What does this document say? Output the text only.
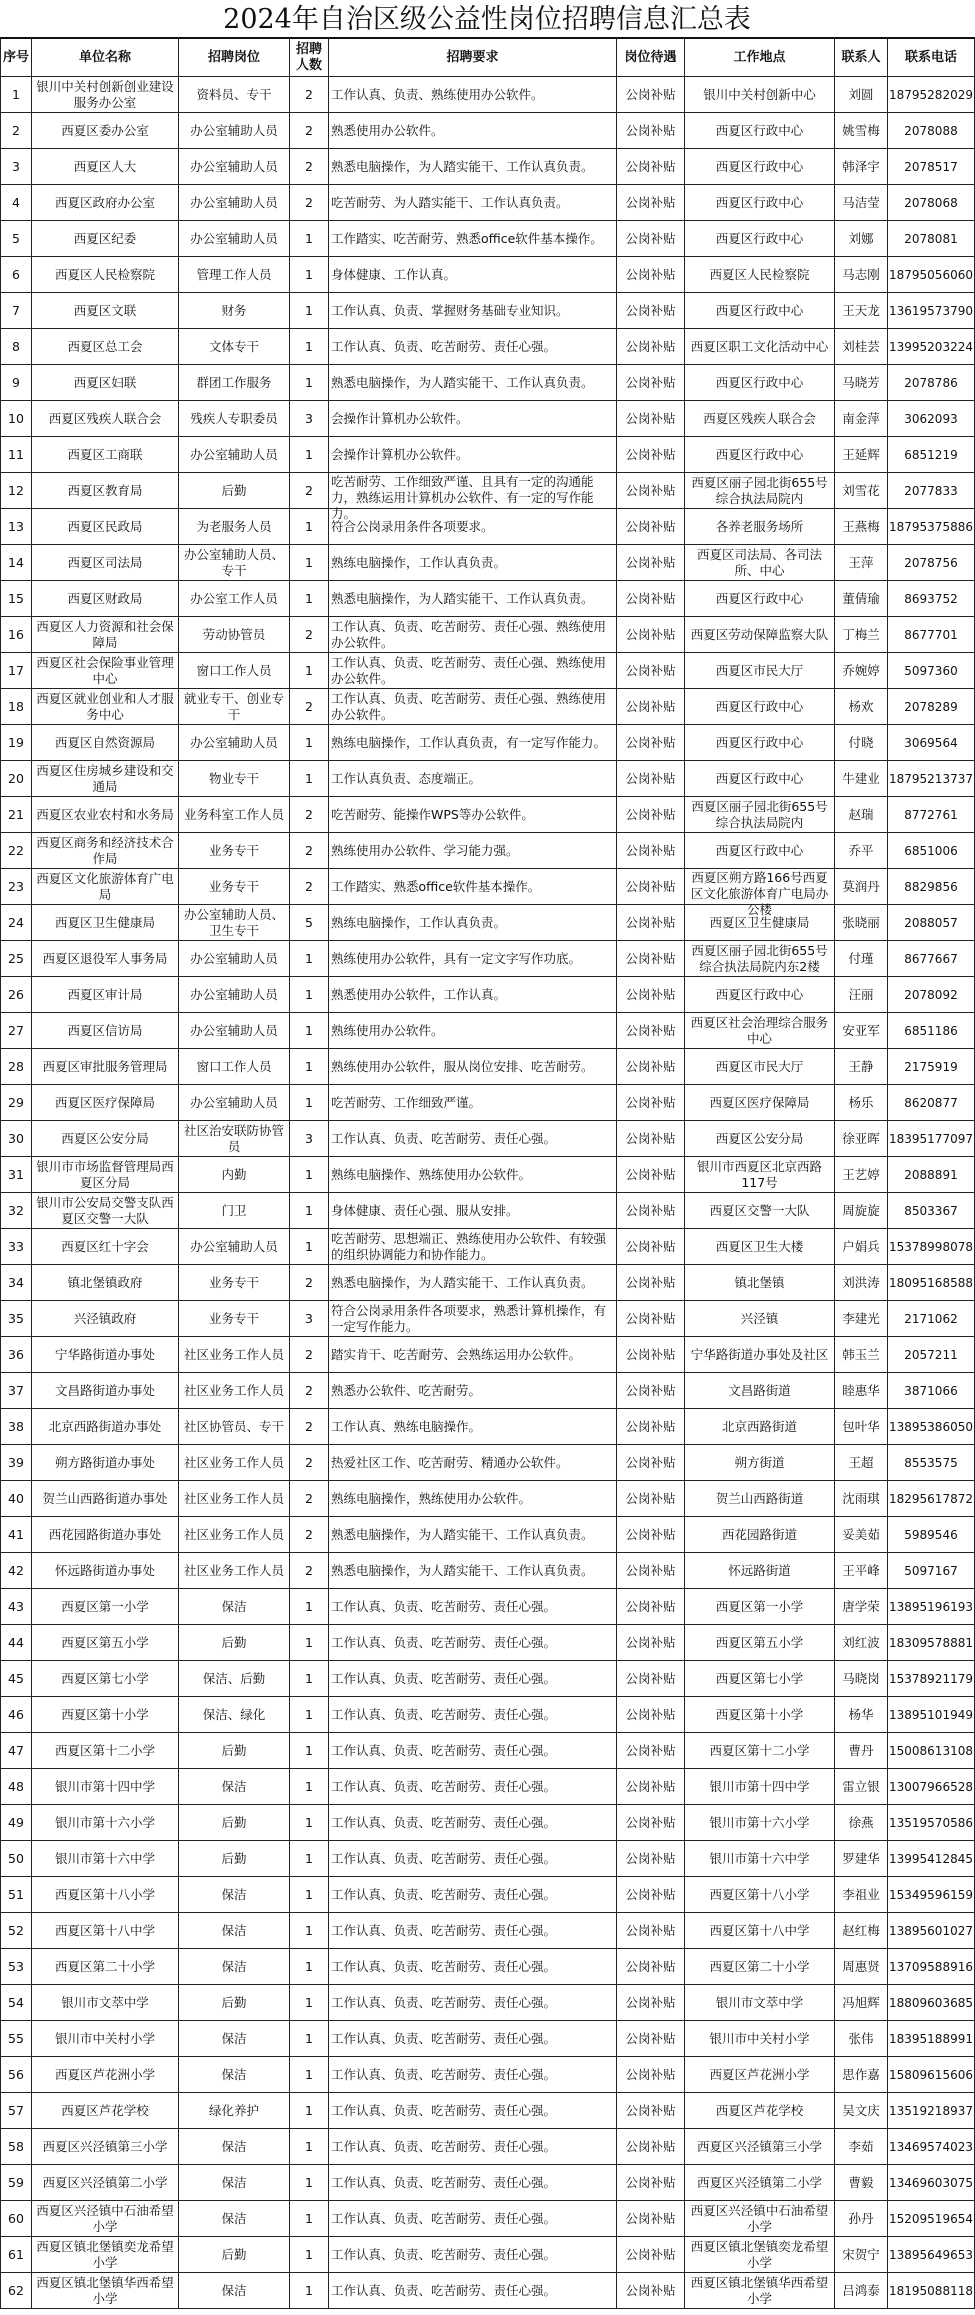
2024年自治区级公益性岗位招聘信息汇总表
序号	单位名称	招聘岗位	招聘人数	招聘要求	岗位待遇	工作地点	联系人	联系电话

1	银川中关村创新创业建设服务办公室	资料员、专干	2	工作认真、负责、熟练使用办公软件。	公岗补贴	银川中关村创新中心	刘圆	18795282029

2	西夏区委办公室	办公室辅助人员	2	熟悉使用办公软件。	公岗补贴	西夏区行政中心	姚雪梅	2078088

3	西夏区人大	办公室辅助人员	2	熟悉电脑操作，为人踏实能干、工作认真负责。	公岗补贴	西夏区行政中心	韩泽宇	2078517

4	西夏区政府办公室	办公室辅助人员	2	吃苦耐劳、为人踏实能干、工作认真负责。	公岗补贴	西夏区行政中心	马洁莹	2078068

5	西夏区纪委	办公室辅助人员	1	工作踏实、吃苦耐劳、熟悉office软件基本操作。	公岗补贴	西夏区行政中心	刘娜	2078081

6	西夏区人民检察院	管理工作人员	1	身体健康、工作认真。	公岗补贴	西夏区人民检察院	马志刚	18795056060

7	西夏区文联	财务	1	工作认真、负责、掌握财务基础专业知识。	公岗补贴	西夏区行政中心	王天龙	13619573790

8	西夏区总工会	文体专干	1	工作认真、负责、吃苦耐劳、责任心强。	公岗补贴	西夏区职工文化活动中心	刘桂芸	13995203224

9	西夏区妇联	群团工作服务	1	熟悉电脑操作，为人踏实能干、工作认真负责。	公岗补贴	西夏区行政中心	马晓芳	2078786

10	西夏区残疾人联合会	残疾人专职委员	3	会操作计算机办公软件。	公岗补贴	西夏区残疾人联合会	南金萍	3062093

11	西夏区工商联	办公室辅助人员	1	会操作计算机办公软件。	公岗补贴	西夏区行政中心	王延辉	6851219

12	西夏区教育局	后勤	2	吃苦耐劳、工作细致严谨、且具有一定的沟通能力，熟练运用计算机办公软件、有一定的写作能力。	公岗补贴	西夏区丽子园北街655号综合执法局院内	刘雪花	2077833

13	西夏区民政局	为老服务人员	1	符合公岗录用条件各项要求。	公岗补贴	各养老服务场所	王燕梅	18795375886

14	西夏区司法局	办公室辅助人员、专干	1	熟练电脑操作，工作认真负责。	公岗补贴	西夏区司法局、各司法所、中心	王萍	2078756

15	西夏区财政局	办公室工作人员	1	熟悉电脑操作，为人踏实能干、工作认真负责。	公岗补贴	西夏区行政中心	董倩瑜	8693752

16	西夏区人力资源和社会保障局	劳动协管员	2	工作认真、负责、吃苦耐劳、责任心强、熟练使用办公软件。	公岗补贴	西夏区劳动保障监察大队	丁梅兰	8677701

17	西夏区社会保险事业管理中心	窗口工作人员	1	工作认真、负责、吃苦耐劳、责任心强、熟练使用办公软件。	公岗补贴	西夏区市民大厅	乔婉婷	5097360

18	西夏区就业创业和人才服务中心	就业专干、创业专干	2	工作认真、负责、吃苦耐劳、责任心强、熟练使用办公软件。	公岗补贴	西夏区行政中心	杨欢	2078289

19	西夏区自然资源局	办公室辅助人员	1	熟练电脑操作，工作认真负责，有一定写作能力。	公岗补贴	西夏区行政中心	付晓	3069564

20	西夏区住房城乡建设和交通局	物业专干	1	工作认真负责、态度端正。	公岗补贴	西夏区行政中心	牛建业	18795213737

21	西夏区农业农村和水务局	业务科室工作人员	2	吃苦耐劳、能操作WPS等办公软件。	公岗补贴	西夏区丽子园北街655号综合执法局院内	赵瑞	8772761

22	西夏区商务和经济技术合作局	业务专干	2	熟练使用办公软件、学习能力强。	公岗补贴	西夏区行政中心	乔平	6851006

23	西夏区文化旅游体育广电局	业务专干	2	工作踏实、熟悉office软件基本操作。	公岗补贴	西夏区朔方路166号西夏区文化旅游体育广电局办公楼	莫润丹	8829856

24	西夏区卫生健康局	办公室辅助人员、卫生专干	5	熟练电脑操作，工作认真负责。	公岗补贴	西夏区卫生健康局	张晓丽	2088057

25	西夏区退役军人事务局	办公室辅助人员	1	熟练使用办公软件，具有一定文字写作功底。	公岗补贴	西夏区丽子园北街655号综合执法局院内东2楼	付瑾	8677667

26	西夏区审计局	办公室辅助人员	1	熟悉使用办公软件，工作认真。	公岗补贴	西夏区行政中心	汪丽	2078092

27	西夏区信访局	办公室辅助人员	1	熟练使用办公软件。	公岗补贴	西夏区社会治理综合服务中心	安亚军	6851186

28	西夏区审批服务管理局	窗口工作人员	1	熟练使用办公软件，服从岗位安排、吃苦耐劳。	公岗补贴	西夏区市民大厅	王静	2175919

29	西夏区医疗保障局	办公室辅助人员	1	吃苦耐劳、工作细致严谨。	公岗补贴	西夏区医疗保障局	杨乐	8620877

30	西夏区公安分局	社区治安联防协管员	3	工作认真、负责、吃苦耐劳、责任心强。	公岗补贴	西夏区公安分局	徐亚晖	18395177097

31	银川市市场监督管理局西夏区分局	内勤	1	熟练电脑操作、熟练使用办公软件。	公岗补贴	银川市西夏区北京西路117号	王艺婷	2088891

32	银川市公安局交警支队西夏区交警一大队	门卫	1	身体健康、责任心强、服从安排。	公岗补贴	西夏区交警一大队	周旋旋	8503367

33	西夏区红十字会	办公室辅助人员	1	吃苦耐劳、思想端正、熟练使用办公软件、有较强的组织协调能力和协作能力。	公岗补贴	西夏区卫生大楼	户娟兵	15378998078

34	镇北堡镇政府	业务专干	2	熟悉电脑操作，为人踏实能干、工作认真负责。	公岗补贴	镇北堡镇	刘洪涛	18095168588

35	兴泾镇政府	业务专干	3	符合公岗录用条件各项要求，熟悉计算机操作，有一定写作能力。	公岗补贴	兴泾镇	李建光	2171062

36	宁华路街道办事处	社区业务工作人员	2	踏实肯干、吃苦耐劳、会熟练运用办公软件。	公岗补贴	宁华路街道办事处及社区	韩玉兰	2057211

37	文昌路街道办事处	社区业务工作人员	2	熟悉办公软件、吃苦耐劳。	公岗补贴	文昌路街道	睦惠华	3871066

38	北京西路街道办事处	社区协管员、专干	2	工作认真、熟练电脑操作。	公岗补贴	北京西路街道	包叶华	13895386050

39	朔方路街道办事处	社区业务工作人员	2	热爱社区工作、吃苦耐劳、精通办公软件。	公岗补贴	朔方街道	王超	8553575

40	贺兰山西路街道办事处	社区业务工作人员	2	熟练电脑操作，熟练使用办公软件。	公岗补贴	贺兰山西路街道	沈雨琪	18295617872

41	西花园路街道办事处	社区业务工作人员	2	熟悉电脑操作，为人踏实能干、工作认真负责。	公岗补贴	西花园路街道	妥美茹	5989546

42	怀远路街道办事处	社区业务工作人员	2	熟悉电脑操作，为人踏实能干、工作认真负责。	公岗补贴	怀远路街道	王平峰	5097167

43	西夏区第一小学	保洁	1	工作认真、负责、吃苦耐劳、责任心强。	公岗补贴	西夏区第一小学	唐学荣	13895196193

44	西夏区第五小学	后勤	1	工作认真、负责、吃苦耐劳、责任心强。	公岗补贴	西夏区第五小学	刘红波	18309578881

45	西夏区第七小学	保洁、后勤	1	工作认真、负责、吃苦耐劳、责任心强。	公岗补贴	西夏区第七小学	马晓岗	15378921179

46	西夏区第十小学	保洁、绿化	1	工作认真、负责、吃苦耐劳、责任心强。	公岗补贴	西夏区第十小学	杨华	13895101949

47	西夏区第十二小学	后勤	1	工作认真、负责、吃苦耐劳、责任心强。	公岗补贴	西夏区第十二小学	曹丹	15008613108

48	银川市第十四中学	保洁	1	工作认真、负责、吃苦耐劳、责任心强。	公岗补贴	银川市第十四中学	雷立银	13007966528

49	银川市第十六小学	后勤	1	工作认真、负责、吃苦耐劳、责任心强。	公岗补贴	银川市第十六小学	徐燕	13519570586

50	银川市第十六中学	后勤	1	工作认真、负责、吃苦耐劳、责任心强。	公岗补贴	银川市第十六中学	罗建华	13995412845

51	西夏区第十八小学	保洁	1	工作认真、负责、吃苦耐劳、责任心强。	公岗补贴	西夏区第十八小学	李祖业	15349596159

52	西夏区第十八中学	保洁	1	工作认真、负责、吃苦耐劳、责任心强。	公岗补贴	西夏区第十八中学	赵红梅	13895601027

53	西夏区第二十小学	保洁	1	工作认真、负责、吃苦耐劳、责任心强。	公岗补贴	西夏区第二十小学	周惠贤	13709588916

54	银川市文萃中学	后勤	1	工作认真、负责、吃苦耐劳、责任心强。	公岗补贴	银川市文萃中学	冯旭辉	18809603685

55	银川市中关村小学	保洁	1	工作认真、负责、吃苦耐劳、责任心强。	公岗补贴	银川市中关村小学	张伟	18395188991

56	西夏区芦花洲小学	保洁	1	工作认真、负责、吃苦耐劳、责任心强。	公岗补贴	西夏区芦花洲小学	思作嘉	15809615606

57	西夏区芦花学校	绿化养护	1	工作认真、负责、吃苦耐劳、责任心强。	公岗补贴	西夏区芦花学校	吴文庆	13519218937

58	西夏区兴泾镇第三小学	保洁	1	工作认真、负责、吃苦耐劳、责任心强。	公岗补贴	西夏区兴泾镇第三小学	李茹	13469574023

59	西夏区兴泾镇第二小学	保洁	1	工作认真、负责、吃苦耐劳、责任心强。	公岗补贴	西夏区兴泾镇第二小学	曹毅	13469603075

60	西夏区兴泾镇中石油希望小学	保洁	1	工作认真、负责、吃苦耐劳、责任心强。	公岗补贴	西夏区兴泾镇中石油希望小学	孙丹	15209519654

61	西夏区镇北堡镇奕龙希望小学	后勤	1	工作认真、负责、吃苦耐劳、责任心强。	公岗补贴	西夏区镇北堡镇奕龙希望小学	宋贺宁	13895649653

62	西夏区镇北堡镇华西希望小学	保洁	1	工作认真、负责、吃苦耐劳、责任心强。	公岗补贴	西夏区镇北堡镇华西希望小学	吕鸿泰	18195088118
